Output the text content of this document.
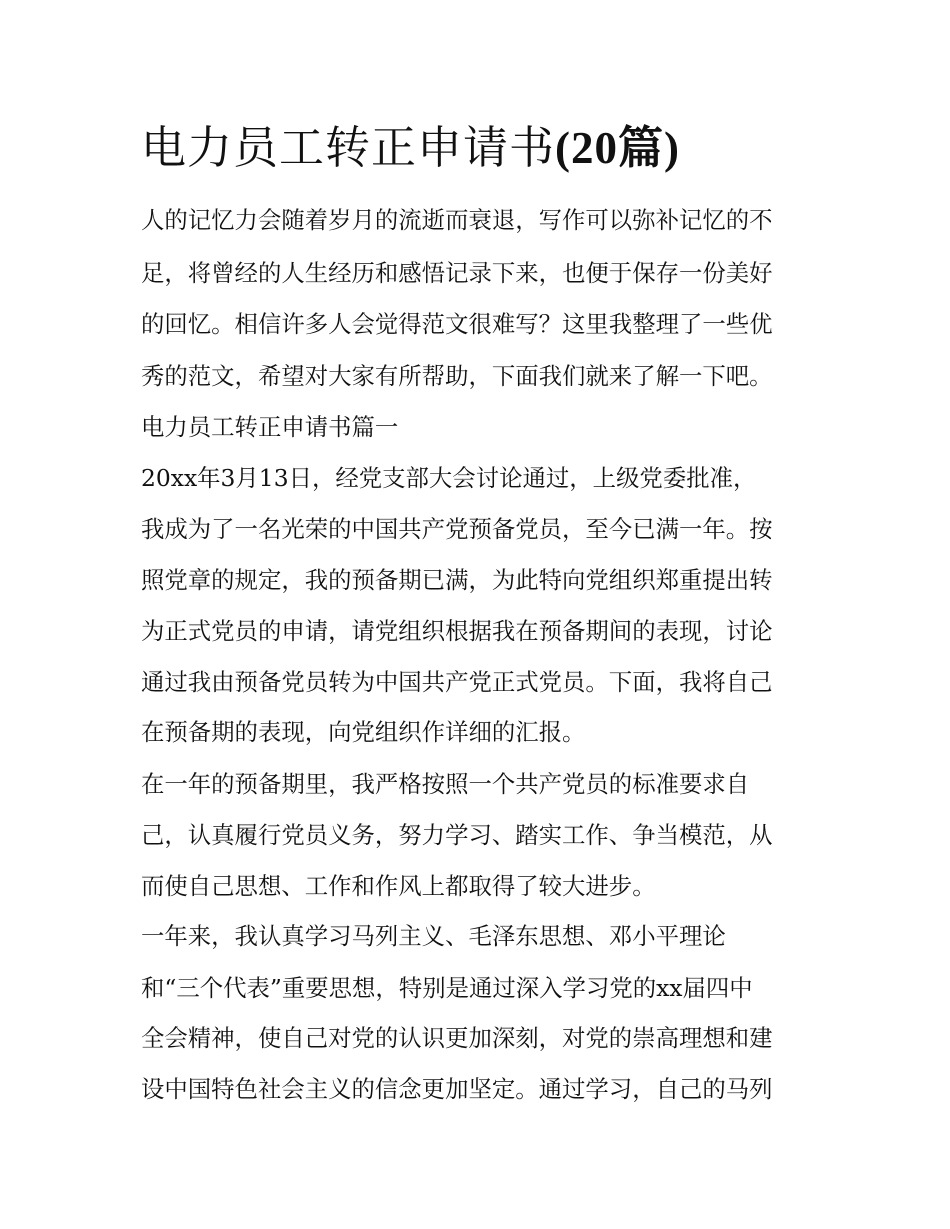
电力员工转正申请书(20篇)

人的记忆力会随着岁月的流逝而衰退，写作可以弥补记忆的不

足，将曾经的人生经历和感悟记录下来，也便于保存一份美好

的回忆。相信许多人会觉得范文很难写？这里我整理了一些优

秀的范文，希望对大家有所帮助，下面我们就来了解一下吧。

电力员工转正申请书篇一

20xx年3月13日，经党支部大会讨论通过，上级党委批准，

我成为了一名光荣的中国共产党预备党员，至今已满一年。按

照党章的规定，我的预备期已满，为此特向党组织郑重提出转

为正式党员的申请，请党组织根据我在预备期间的表现，讨论

通过我由预备党员转为中国共产党正式党员。下面，我将自己

在预备期的表现，向党组织作详细的汇报。

在一年的预备期里，我严格按照一个共产党员的标准要求自

己，认真履行党员义务，努力学习、踏实工作、争当模范，从

而使自己思想、工作和作风上都取得了较大进步。

一年来，我认真学习马列主义、毛泽东思想、邓小平理论

和“三个代表”重要思想，特别是通过深入学习党的xx届四中

全会精神，使自己对党的认识更加深刻，对党的崇高理想和建

设中国特色社会主义的信念更加坚定。通过学习，自己的马列
